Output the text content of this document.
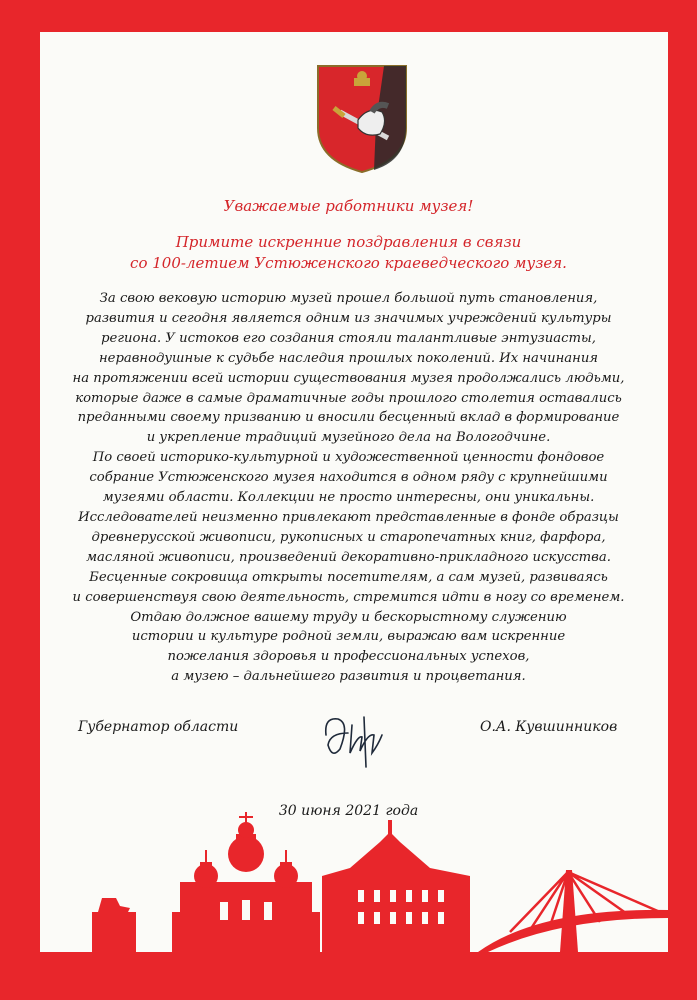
Уважаемые работники музея!
Примите искренние поздравления в связи
со 100-летием Устюженского краеведческого музея.
За свою вековую историю музей прошел большой путь становления,
развития и сегодня является одним из значимых учреждений культуры
региона. У истоков его создания стояли талантливые энтузиасты,
неравнодушные к судьбе наследия прошлых поколений. Их начинания
на протяжении всей истории существования музея продолжались людьми,
которые даже в самые драматичные годы прошлого столетия оставались
преданными своему призванию и вносили бесценный вклад в формирование
и укрепление традиций музейного дела на Вологодчине.
По своей историко-культурной и художественной ценности фондовое
собрание Устюженского музея находится в одном ряду с крупнейшими
музеями области. Коллекции не просто интересны, они уникальны.
Исследователей неизменно привлекают представленные в фонде образцы
древнерусской живописи, рукописных и старопечатных книг, фарфора,
масляной живописи, произведений декоративно-прикладного искусства.
Бесценные сокровища открыты посетителям, а сам музей, развиваясь
и совершенствуя свою деятельность, стремится идти в ногу со временем.
Отдаю должное вашему труду и бескорыстному служению
истории и культуре родной земли, выражаю вам искренние
пожелания здоровья и профессиональных успехов,
а музею – дальнейшего развития и процветания.
Губернатор области	О.А. Кувшинников
30 июня 2021 года
